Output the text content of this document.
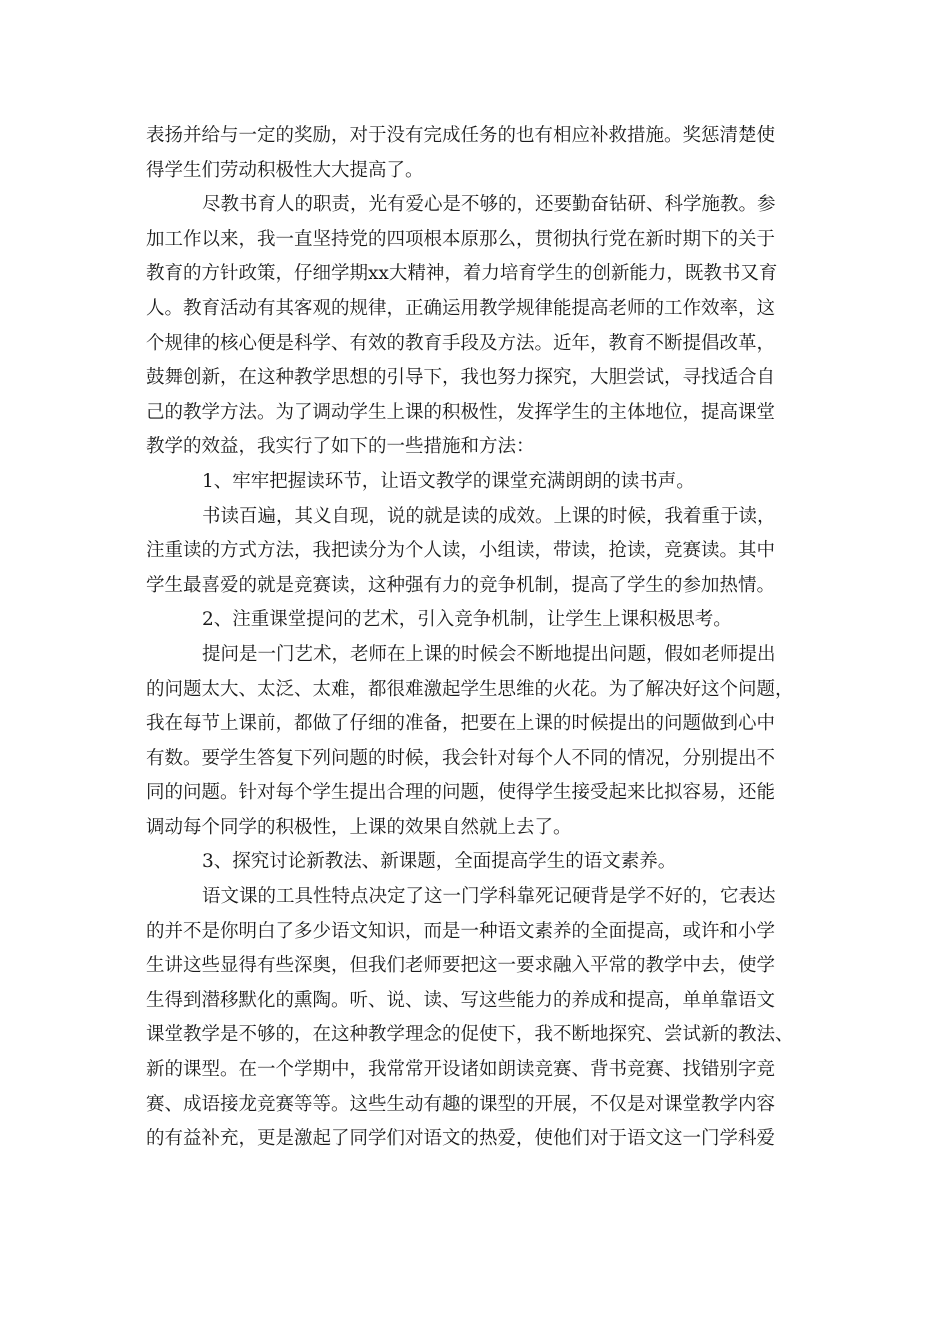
表扬并给与一定的奖励，对于没有完成任务的也有相应补救措施。奖惩清楚使
得学生们劳动积极性大大提高了。
尽教书育人的职责，光有爱心是不够的，还要勤奋钻研、科学施教。参
加工作以来，我一直坚持党的四项根本原那么，贯彻执行党在新时期下的关于
教育的方针政策，仔细学期xx大精神，着力培育学生的创新能力，既教书又育
人。教育活动有其客观的规律，正确运用教学规律能提高老师的工作效率，这
个规律的核心便是科学、有效的教育手段及方法。近年，教育不断提倡改革，
鼓舞创新，在这种教学思想的引导下，我也努力探究，大胆尝试，寻找适合自
己的教学方法。为了调动学生上课的积极性，发挥学生的主体地位，提高课堂
教学的效益，我实行了如下的一些措施和方法：
1、牢牢把握读环节，让语文教学的课堂充满朗朗的读书声。
书读百遍，其义自现，说的就是读的成效。上课的时候，我着重于读，
注重读的方式方法，我把读分为个人读，小组读，带读，抢读，竞赛读。其中
学生最喜爱的就是竞赛读，这种强有力的竞争机制，提高了学生的参加热情。
2、注重课堂提问的艺术，引入竞争机制，让学生上课积极思考。
提问是一门艺术，老师在上课的时候会不断地提出问题，假如老师提出
的问题太大、太泛、太难，都很难激起学生思维的火花。为了解决好这个问题，
我在每节上课前，都做了仔细的准备，把要在上课的时候提出的问题做到心中
有数。要学生答复下列问题的时候，我会针对每个人不同的情况，分别提出不
同的问题。针对每个学生提出合理的问题，使得学生接受起来比拟容易，还能
调动每个同学的积极性，上课的效果自然就上去了。
3、探究讨论新教法、新课题，全面提高学生的语文素养。
语文课的工具性特点决定了这一门学科靠死记硬背是学不好的，它表达
的并不是你明白了多少语文知识，而是一种语文素养的全面提高，或许和小学
生讲这些显得有些深奥，但我们老师要把这一要求融入平常的教学中去，使学
生得到潜移默化的熏陶。听、说、读、写这些能力的养成和提高，单单靠语文
课堂教学是不够的，在这种教学理念的促使下，我不断地探究、尝试新的教法、
新的课型。在一个学期中，我常常开设诸如朗读竞赛、背书竞赛、找错别字竞
赛、成语接龙竞赛等等。这些生动有趣的课型的开展，不仅是对课堂教学内容
的有益补充，更是激起了同学们对语文的热爱，使他们对于语文这一门学科爱
